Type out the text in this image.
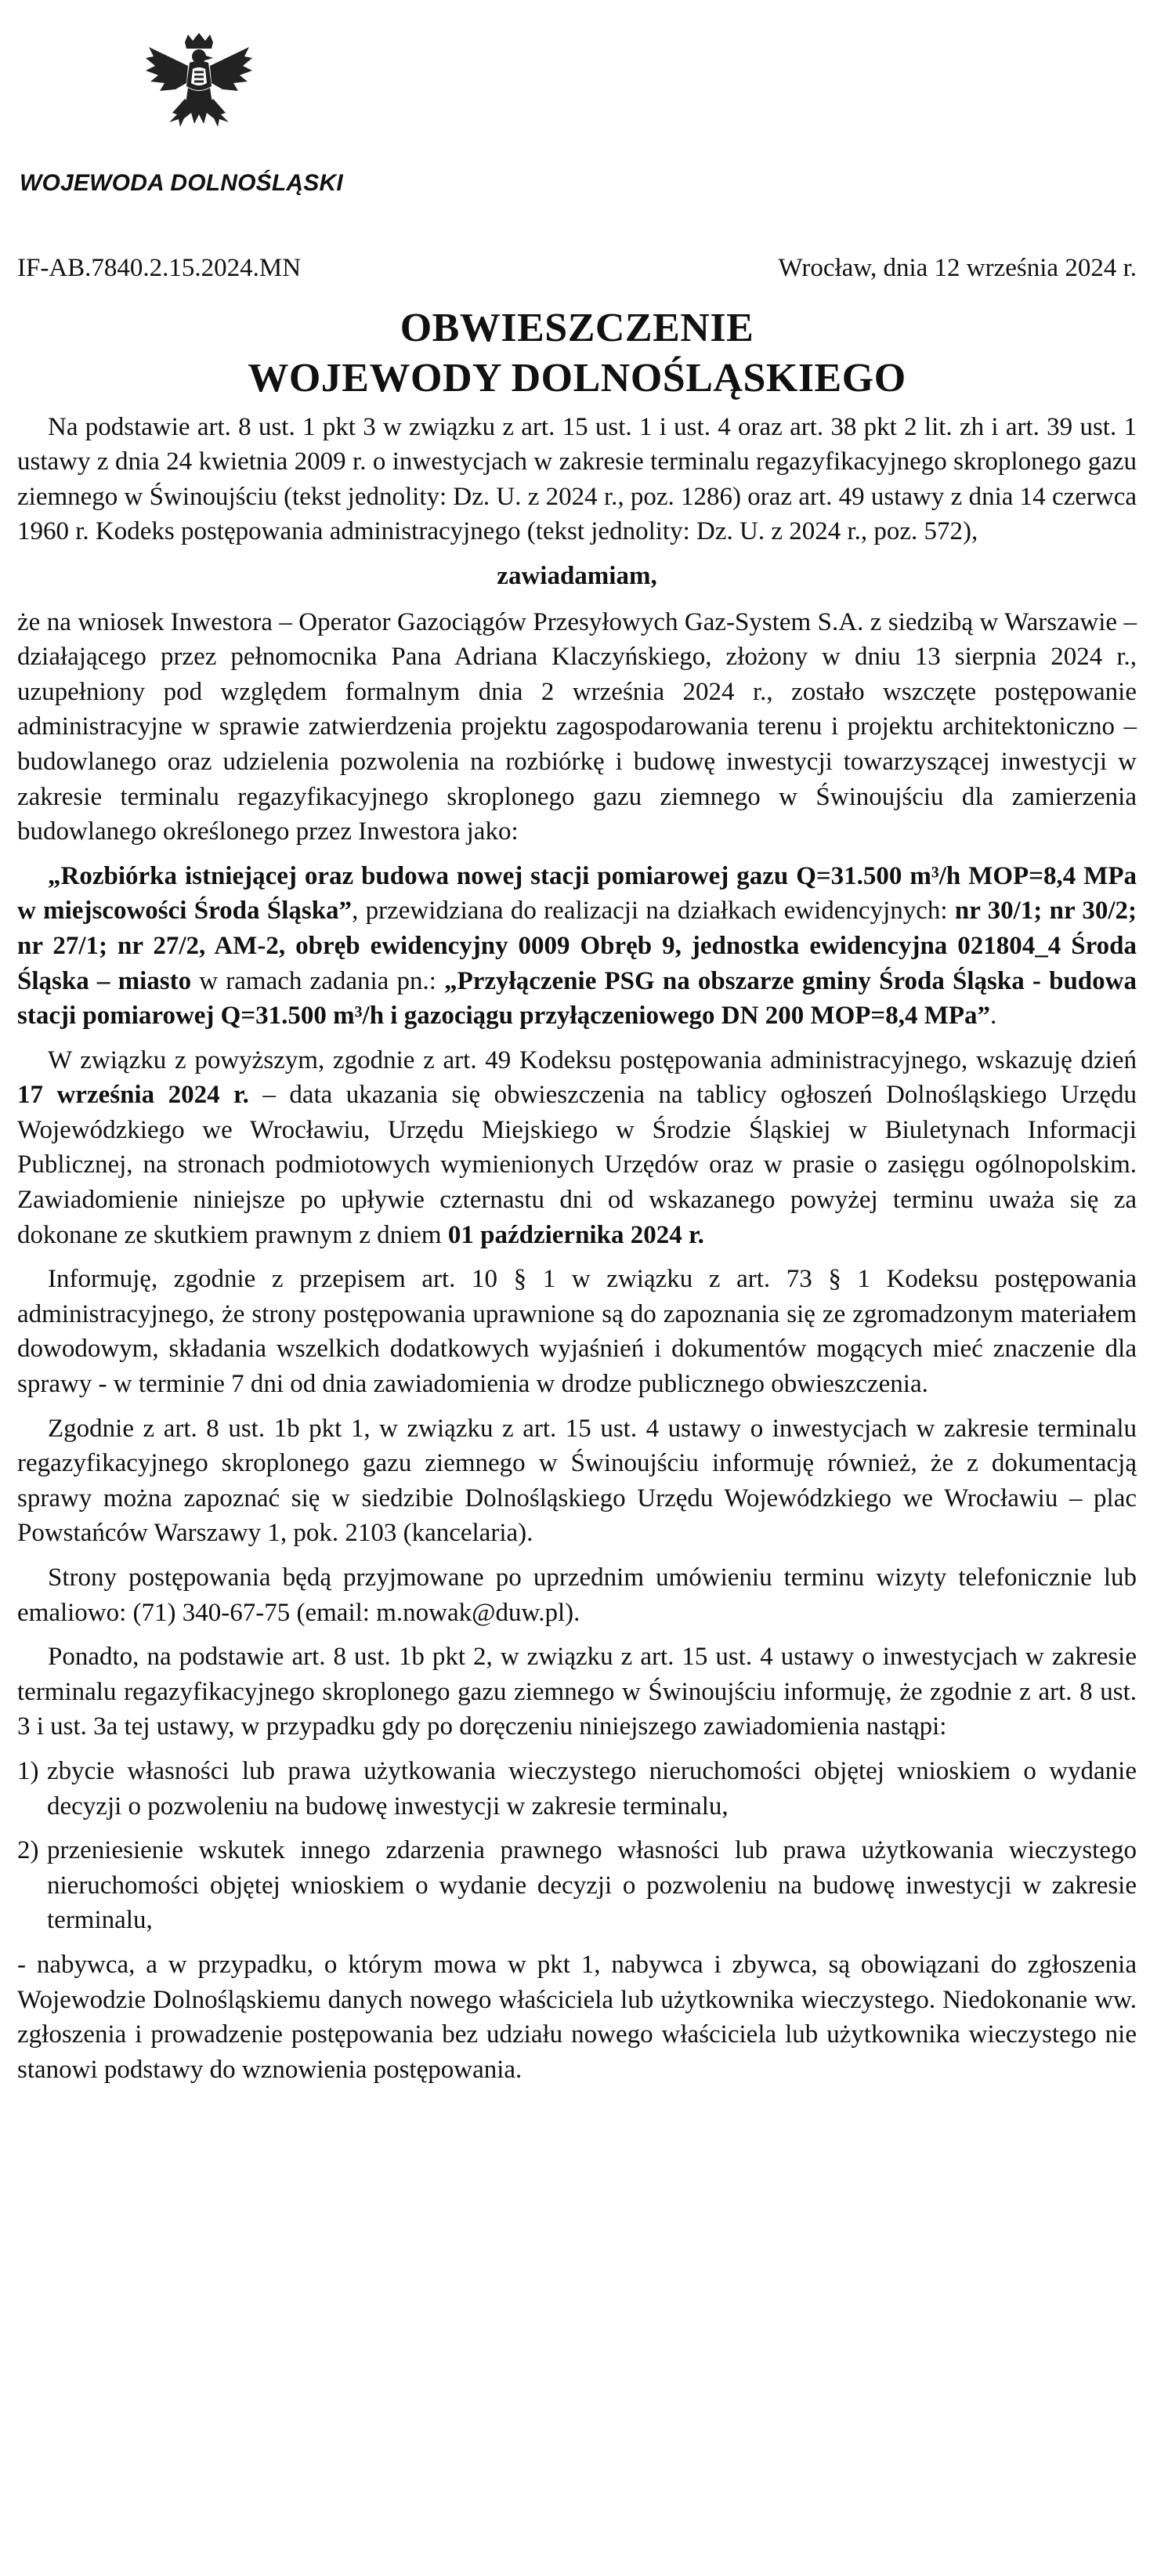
WOJEWODA DOLNOŚLĄSKI
IF-AB.7840.2.15.2024.MN	Wrocław, dnia 12 września 2024 r.
OBWIESZCZENIE
WOJEWODY DOLNOŚLĄSKIEGO
Na podstawie art. 8 ust. 1 pkt 3 w związku z art. 15 ust. 1 i ust. 4 oraz art. 38 pkt 2 lit. zh i art. 39 ust. 1 ustawy z dnia 24 kwietnia 2009 r. o inwestycjach w zakresie terminalu regazyfikacyjnego skroplonego gazu ziemnego w Świnoujściu (tekst jednolity: Dz. U. z 2024 r., poz. 1286) oraz art. 49 ustawy z dnia 14 czerwca 1960 r. Kodeks postępowania administracyjnego (tekst jednolity: Dz. U. z 2024 r., poz. 572),
zawiadamiam,
że na wniosek Inwestora – Operator Gazociągów Przesyłowych Gaz-System S.A. z siedzibą w Warszawie – działającego przez pełnomocnika Pana Adriana Klaczyńskiego, złożony w dniu 13 sierpnia 2024 r., uzupełniony pod względem formalnym dnia 2 września 2024 r., zostało wszczęte postępowanie administracyjne w sprawie zatwierdzenia projektu zagospodarowania terenu i projektu architektoniczno – budowlanego oraz udzielenia pozwolenia na rozbiórkę i budowę inwestycji towarzyszącej inwestycji w zakresie terminalu regazyfikacyjnego skroplonego gazu ziemnego w Świnoujściu dla zamierzenia budowlanego określonego przez Inwestora jako:
„Rozbiórka istniejącej oraz budowa nowej stacji pomiarowej gazu Q=31.500 m³/h MOP=8,4 MPa w miejscowości Środa Śląska”, przewidziana do realizacji na działkach ewidencyjnych: nr 30/1; nr 30/2; nr 27/1; nr 27/2, AM-2, obręb ewidencyjny 0009 Obręb 9, jednostka ewidencyjna 021804_4 Środa Śląska – miasto w ramach zadania pn.: „Przyłączenie PSG na obszarze gminy Środa Śląska - budowa stacji pomiarowej Q=31.500 m³/h i gazociągu przyłączeniowego DN 200 MOP=8,4 MPa”.
W związku z powyższym, zgodnie z art. 49 Kodeksu postępowania administracyjnego, wskazuję dzień 17 września 2024 r. – data ukazania się obwieszczenia na tablicy ogłoszeń Dolnośląskiego Urzędu Wojewódzkiego we Wrocławiu, Urzędu Miejskiego w Środzie Śląskiej w Biuletynach Informacji Publicznej, na stronach podmiotowych wymienionych Urzędów oraz w prasie o zasięgu ogólnopolskim. Zawiadomienie niniejsze po upływie czternastu dni od wskazanego powyżej terminu uważa się za dokonane ze skutkiem prawnym z dniem 01 października 2024 r.
Informuję, zgodnie z przepisem art. 10 § 1 w związku z art. 73 § 1 Kodeksu postępowania administracyjnego, że strony postępowania uprawnione są do zapoznania się ze zgromadzonym materiałem dowodowym, składania wszelkich dodatkowych wyjaśnień i dokumentów mogących mieć znaczenie dla sprawy - w terminie 7 dni od dnia zawiadomienia w drodze publicznego obwieszczenia.
Zgodnie z art. 8 ust. 1b pkt 1, w związku z art. 15 ust. 4 ustawy o inwestycjach w zakresie terminalu regazyfikacyjnego skroplonego gazu ziemnego w Świnoujściu informuję również, że z dokumentacją sprawy można zapoznać się w siedzibie Dolnośląskiego Urzędu Wojewódzkiego we Wrocławiu – plac Powstańców Warszawy 1, pok. 2103 (kancelaria).
Strony postępowania będą przyjmowane po uprzednim umówieniu terminu wizyty telefonicznie lub emaliowo: (71) 340-67-75 (email: m.nowak@duw.pl).
Ponadto, na podstawie art. 8 ust. 1b pkt 2, w związku z art. 15 ust. 4 ustawy o inwestycjach w zakresie terminalu regazyfikacyjnego skroplonego gazu ziemnego w Świnoujściu informuję, że zgodnie z art. 8 ust. 3 i ust. 3a tej ustawy, w przypadku gdy po doręczeniu niniejszego zawiadomienia nastąpi:
1) zbycie własności lub prawa użytkowania wieczystego nieruchomości objętej wnioskiem o wydanie decyzji o pozwoleniu na budowę inwestycji w zakresie terminalu,
2) przeniesienie wskutek innego zdarzenia prawnego własności lub prawa użytkowania wieczystego nieruchomości objętej wnioskiem o wydanie decyzji o pozwoleniu na budowę inwestycji w zakresie terminalu,
- nabywca, a w przypadku, o którym mowa w pkt 1, nabywca i zbywca, są obowiązani do zgłoszenia Wojewodzie Dolnośląskiemu danych nowego właściciela lub użytkownika wieczystego. Niedokonanie ww. zgłoszenia i prowadzenie postępowania bez udziału nowego właściciela lub użytkownika wieczystego nie stanowi podstawy do wznowienia postępowania.
